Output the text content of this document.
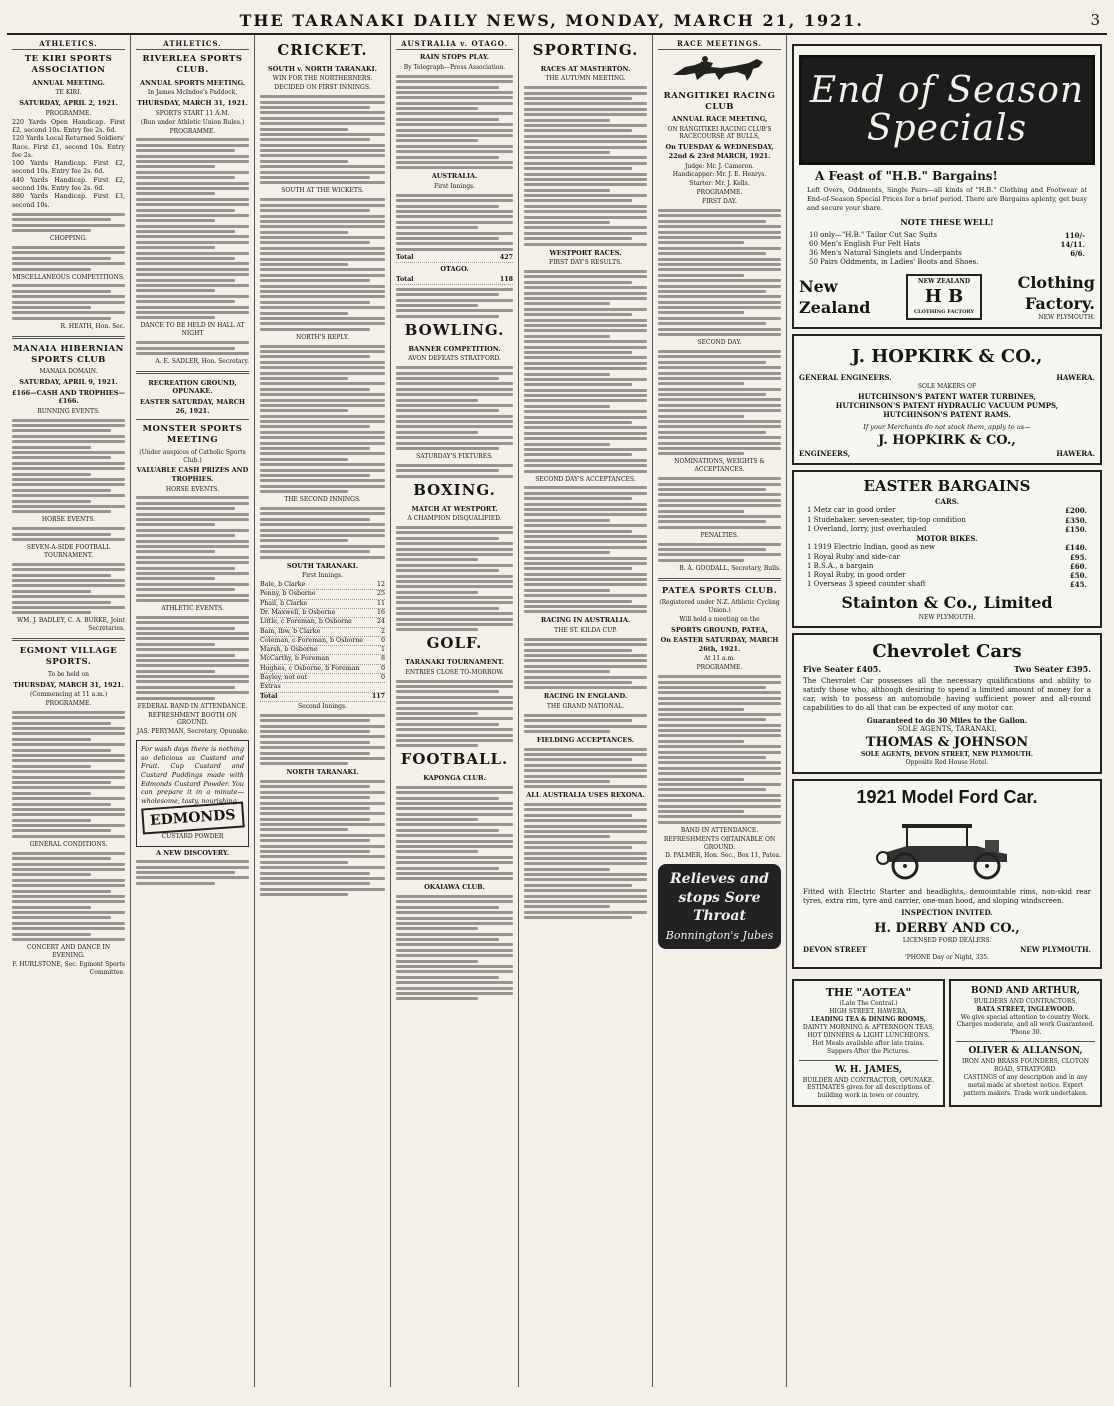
THE TARANAKI DAILY NEWS, MONDAY, MARCH 21, 1921.	3
ATHLETICS.
TE KIRI SPORTS ASSOCIATION
ANNUAL MEETING.
TE KIRI.
SATURDAY, APRIL 2, 1921.
PROGRAMME.
220 Yards Open Handicap. First £2, second 10s. Entry fee 2s. 6d.
120 Yards Local Returned Soldiers' Race. First £1, second 10s. Entry fee 2s.
100 Yards Handicap. First £2, second 10s. Entry fee 2s. 6d.
440 Yards Handicap. First £2, second 10s. Entry fee 2s. 6d.
880 Yards Handicap. First £3, second 10s.
CHOPPING.
MISCELLANEOUS COMPETITIONS.
R. HEATH, Hon. Sec.
MANAIA HIBERNIAN SPORTS CLUB
MANAIA DOMAIN.
SATURDAY, APRIL 9, 1921.
£166—CASH AND TROPHIES—£166.
RUNNING EVENTS.
HORSE EVENTS.
SEVEN-A-SIDE FOOTBALL TOURNAMENT.
WM. J. BADLEY, C. A. BURKE, Joint Secretaries.
EGMONT VILLAGE SPORTS.
To be held on
THURSDAY, MARCH 31, 1921.
(Commencing at 11 a.m.)
PROGRAMME.
GENERAL CONDITIONS.
CONCERT AND DANCE IN EVENING.
F. HURLSTONE, Sec. Egmont Sports Committee.
ATHLETICS.
RIVERLEA SPORTS CLUB.
ANNUAL SPORTS MEETING.
In James McIndoe's Paddock,
THURSDAY, MARCH 31, 1921.
SPORTS START 11 A.M.
(Run under Athletic Union Rules.)
PROGRAMME.
DANCE TO BE HELD IN HALL AT NIGHT
A. E. SADLER, Hon. Secretary.
RECREATION GROUND, OPUNAKE.
EASTER SATURDAY, MARCH 26, 1921.
MONSTER SPORTS MEETING
(Under auspices of Catholic Sports Club.)
VALUABLE CASH PRIZES AND TROPHIES.
HORSE EVENTS.
ATHLETIC EVENTS.
FEDERAL BAND IN ATTENDANCE.
REFRESHMENT BOOTH ON GROUND.
JAS. PERYMAN, Secretary, Opunake.
For wash days there is nothing so delicious as Custard and Fruit. Cup Custard and Custard Puddings made with Edmonds Custard Powder. You can prepare it in a minute—wholesome, tasty, nourishing.
EDMONDS
CUSTARD POWDER
A NEW DISCOVERY.
CRICKET.
SOUTH v. NORTH TARANAKI.
WIN FOR THE NORTHERNERS.
DECIDED ON FIRST INNINGS.
SOUTH AT THE WICKETS.
NORTH'S REPLY.
THE SECOND INNINGS.
SOUTH TARANAKI.
First Innings.
Bale, b Clarke	12
Penny, b Osborne	25
Phail, b Clarke	11
Dr. Maxwell, b Osborne	16
Little, c Foreman, b Osborne	24
Bain, lbw, b Clarke	2
Coleman, c Foreman, b Osborne	0
Marsh, b Osborne	1
McCarthy, b Foreman	8
Hughes, c Osborne, b Foreman	0
Bayley, not out	0
Extras
Total	117
Second Innings.
NORTH TARANAKI.
AUSTRALIA v. OTAGO.
RAIN STOPS PLAY.
By Telegraph—Press Association.
AUSTRALIA.
First Innings.
Total	427
OTAGO.
Total	118
BOWLING.
BANNER COMPETITION.
AVON DEFEATS STRATFORD.
SATURDAY'S FIXTURES.
BOXING.
MATCH AT WESTPORT.
A CHAMPION DISQUALIFIED.
GOLF.
TARANAKI TOURNAMENT.
ENTRIES CLOSE TO-MORROW.
FOOTBALL.
KAPONGA CLUB.
OKAIAWA CLUB.
SPORTING.
RACES AT MASTERTON.
THE AUTUMN MEETING.
WESTPORT RACES.
FIRST DAY'S RESULTS.
SECOND DAY'S ACCEPTANCES.
RACING IN AUSTRALIA.
THE ST. KILDA CUP.
RACING IN ENGLAND.
THE GRAND NATIONAL.
FIELDING ACCEPTANCES.
ALL AUSTRALIA USES REXONA.
RACE MEETINGS.
RANGITIKEI RACING CLUB
ANNUAL RACE MEETING,
ON RANGITIKEI RACING CLUB'S RACECOURSE AT BULLS,
On TUESDAY & WEDNESDAY, 22nd & 23rd MARCH, 1921.
Judge: Mr. J. Cameron.
Handicapper: Mr. J. E. Henrys.
Starter: Mr. J. Kells.
PROGRAMME.
FIRST DAY.
SECOND DAY.
NOMINATIONS, WEIGHTS & ACCEPTANCES.
PENALTIES.
B. A. GOODALL, Secretary, Bulls.
PATEA SPORTS CLUB.
(Registered under N.Z. Athletic Cycling Union.)
Will hold a meeting on the
SPORTS GROUND, PATEA,
On EASTER SATURDAY, MARCH 26th, 1921.
At 11 a.m.
PROGRAMME.
BAND IN ATTENDANCE.
REFRESHMENTS OBTAINABLE ON GROUND.
D. PALMER, Hon. Sec., Box 11, Patea.
Relieves and
stops Sore
Throat
Bonnington's Jubes
End of Season
Specials
A Feast of "H.B." Bargains!
Left Overs, Oddments, Single Pairs—all kinds of "H.B." Clothing and Footwear at End-of-Season Special Prices for a brief period. There are Bargains aplenty, get busy and secure your share.
NOTE THESE WELL!
10 only—"H.B." Tailor Cut Sac Suits	110/-
60 Men's English Fur Felt Hats	14/11.
36 Men's Natural Singlets and Underpants	6/6.
50 Pairs Oddments, in Ladies' Boots and Shoes.
New
Zealand
NEW ZEALAND
H B
CLOTHING FACTORY
Clothing
Factory.
NEW PLYMOUTH.
J. HOPKIRK & CO.,
GENERAL ENGINEERS.	HAWERA.
SOLE MAKERS OF
HUTCHINSON'S PATENT WATER TURBINES,
HUTCHINSON'S PATENT HYDRAULIC VACUUM PUMPS,
HUTCHINSON'S PATENT RAMS.
If your Merchants do not stock them, apply to us—
J. HOPKIRK & CO.,
ENGINEERS,	HAWERA.
EASTER BARGAINS
CARS.
1 Metz car in good order	£200.
1 Studebaker, seven-seater, tip-top condition	£350.
1 Overland, lorry, just overhauled	£150.
MOTOR BIKES.
1 1919 Electric Indian, good as new	£140.
1 Royal Ruby and side-car	£95.
1 B.S.A., a bargain	£60.
1 Royal Ruby, in good order	£50.
1 Overseas 3 speed counter shaft	£45.
Stainton & Co., Limited
NEW PLYMOUTH.
Chevrolet Cars
Five Seater £405.	Two Seater £395.
The Chevrolet Car possesses all the necessary qualifications and ability to satisfy those who, although desiring to spend a limited amount of money for a car, wish to possess an automobile having sufficient power and all-round capabilities to do all that can be expected of any motor car.
Guaranteed to do 30 Miles to the Gallon.
SOLE AGENTS, TARANAKI,
THOMAS & JOHNSON
SOLE AGENTS, DEVON STREET, NEW PLYMOUTH.
Opposite Red House Hotel.
1921 Model Ford Car.
Fitted with Electric Starter and headlights, demountable rims, non-skid rear tyres, extra rim, tyre and carrier, one-man hood, and sloping windscreen.
INSPECTION INVITED.
H. DERBY AND CO.,
LICENSED FORD DEALERS.
DEVON STREET	NEW PLYMOUTH.
'PHONE Day or Night, 335.
THE "AOTEA"
(Late The Central.)
HIGH STREET, HAWERA,
LEADING TEA & DINING ROOMS,
DAINTY MORNING & AFTERNOON TEAS, HOT DINNERS & LIGHT LUNCHEONS.
Hot Meals available after late trains. Suppers After the Pictures.
W. H. JAMES,
BUILDER AND CONTRACTOR, OPUNAKE.
ESTIMATES given for all descriptions of building work in town or country.
BOND AND ARTHUR,
BUILDERS AND CONTRACTORS,
BATA STREET, INGLEWOOD.
We give special attention to country Work. Charges moderate, and all work Guaranteed.
'Phone 30.
OLIVER & ALLANSON,
IRON AND BRASS FOUNDERS, CLOTON ROAD, STRATFORD.
CASTINGS of any description and in any metal made at shortest notice. Expert pattern makers. Trade work undertaken.
